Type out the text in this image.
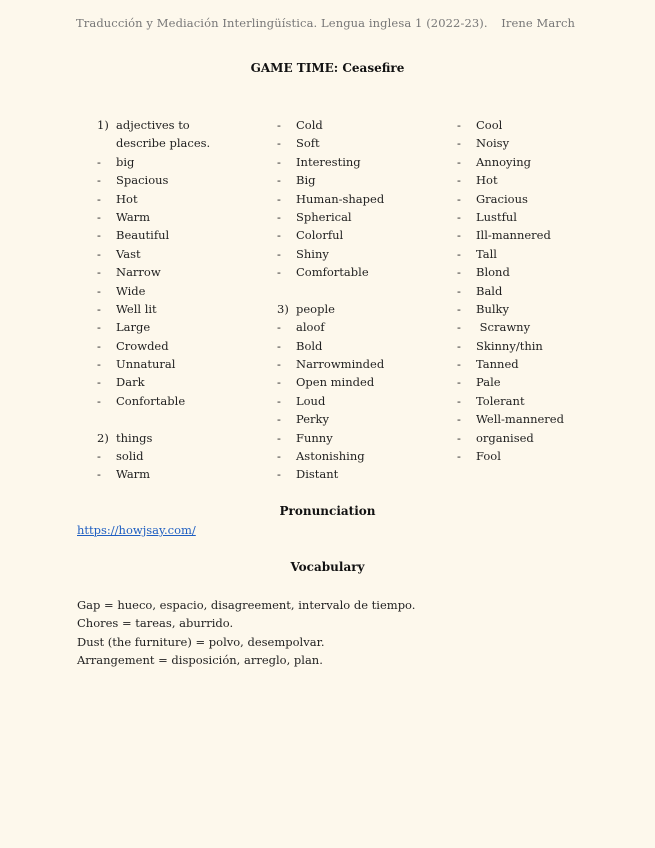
Traducción y Mediación Interlingüística. Lengua inglesa 1 (2022-23). Irene March
GAME TIME: Ceasefire
1) adjectives to
describe places.
-	big
-	Spacious
-	Hot
-	Warm
-	Beautiful
-	Vast
-	Narrow
-	Wide
-	Well lit
-	Large
-	Crowded
-	Unnatural
-	Dark
-	Confortable
2) things
-	solid
-	Warm
-	Cold
-	Soft
-	Interesting
-	Big
-	Human-shaped
-	Spherical
-	Colorful
-	Shiny
-	Comfortable
3) people
-	aloof
-	Bold
-	Narrowminded
-	Open minded
-	Loud
-	Perky
-	Funny
-	Astonishing
-	Distant
-	Cool
-	Noisy
-	Annoying
-	Hot
-	Gracious
-	Lustful
-	Ill-mannered
-	Tall
-	Blond
-	Bald
-	Bulky
-	Scrawny
-	Skinny/thin
-	Tanned
-	Pale
-	Tolerant
-	Well-mannered
-	organised
-	Fool
Pronunciation
https://howjsay.com/
Vocabulary
Gap = hueco, espacio, disagreement, intervalo de tiempo.
Chores = tareas, aburrido.
Dust (the furniture) = polvo, desempolvar.
Arrangement = disposición, arreglo, plan.
